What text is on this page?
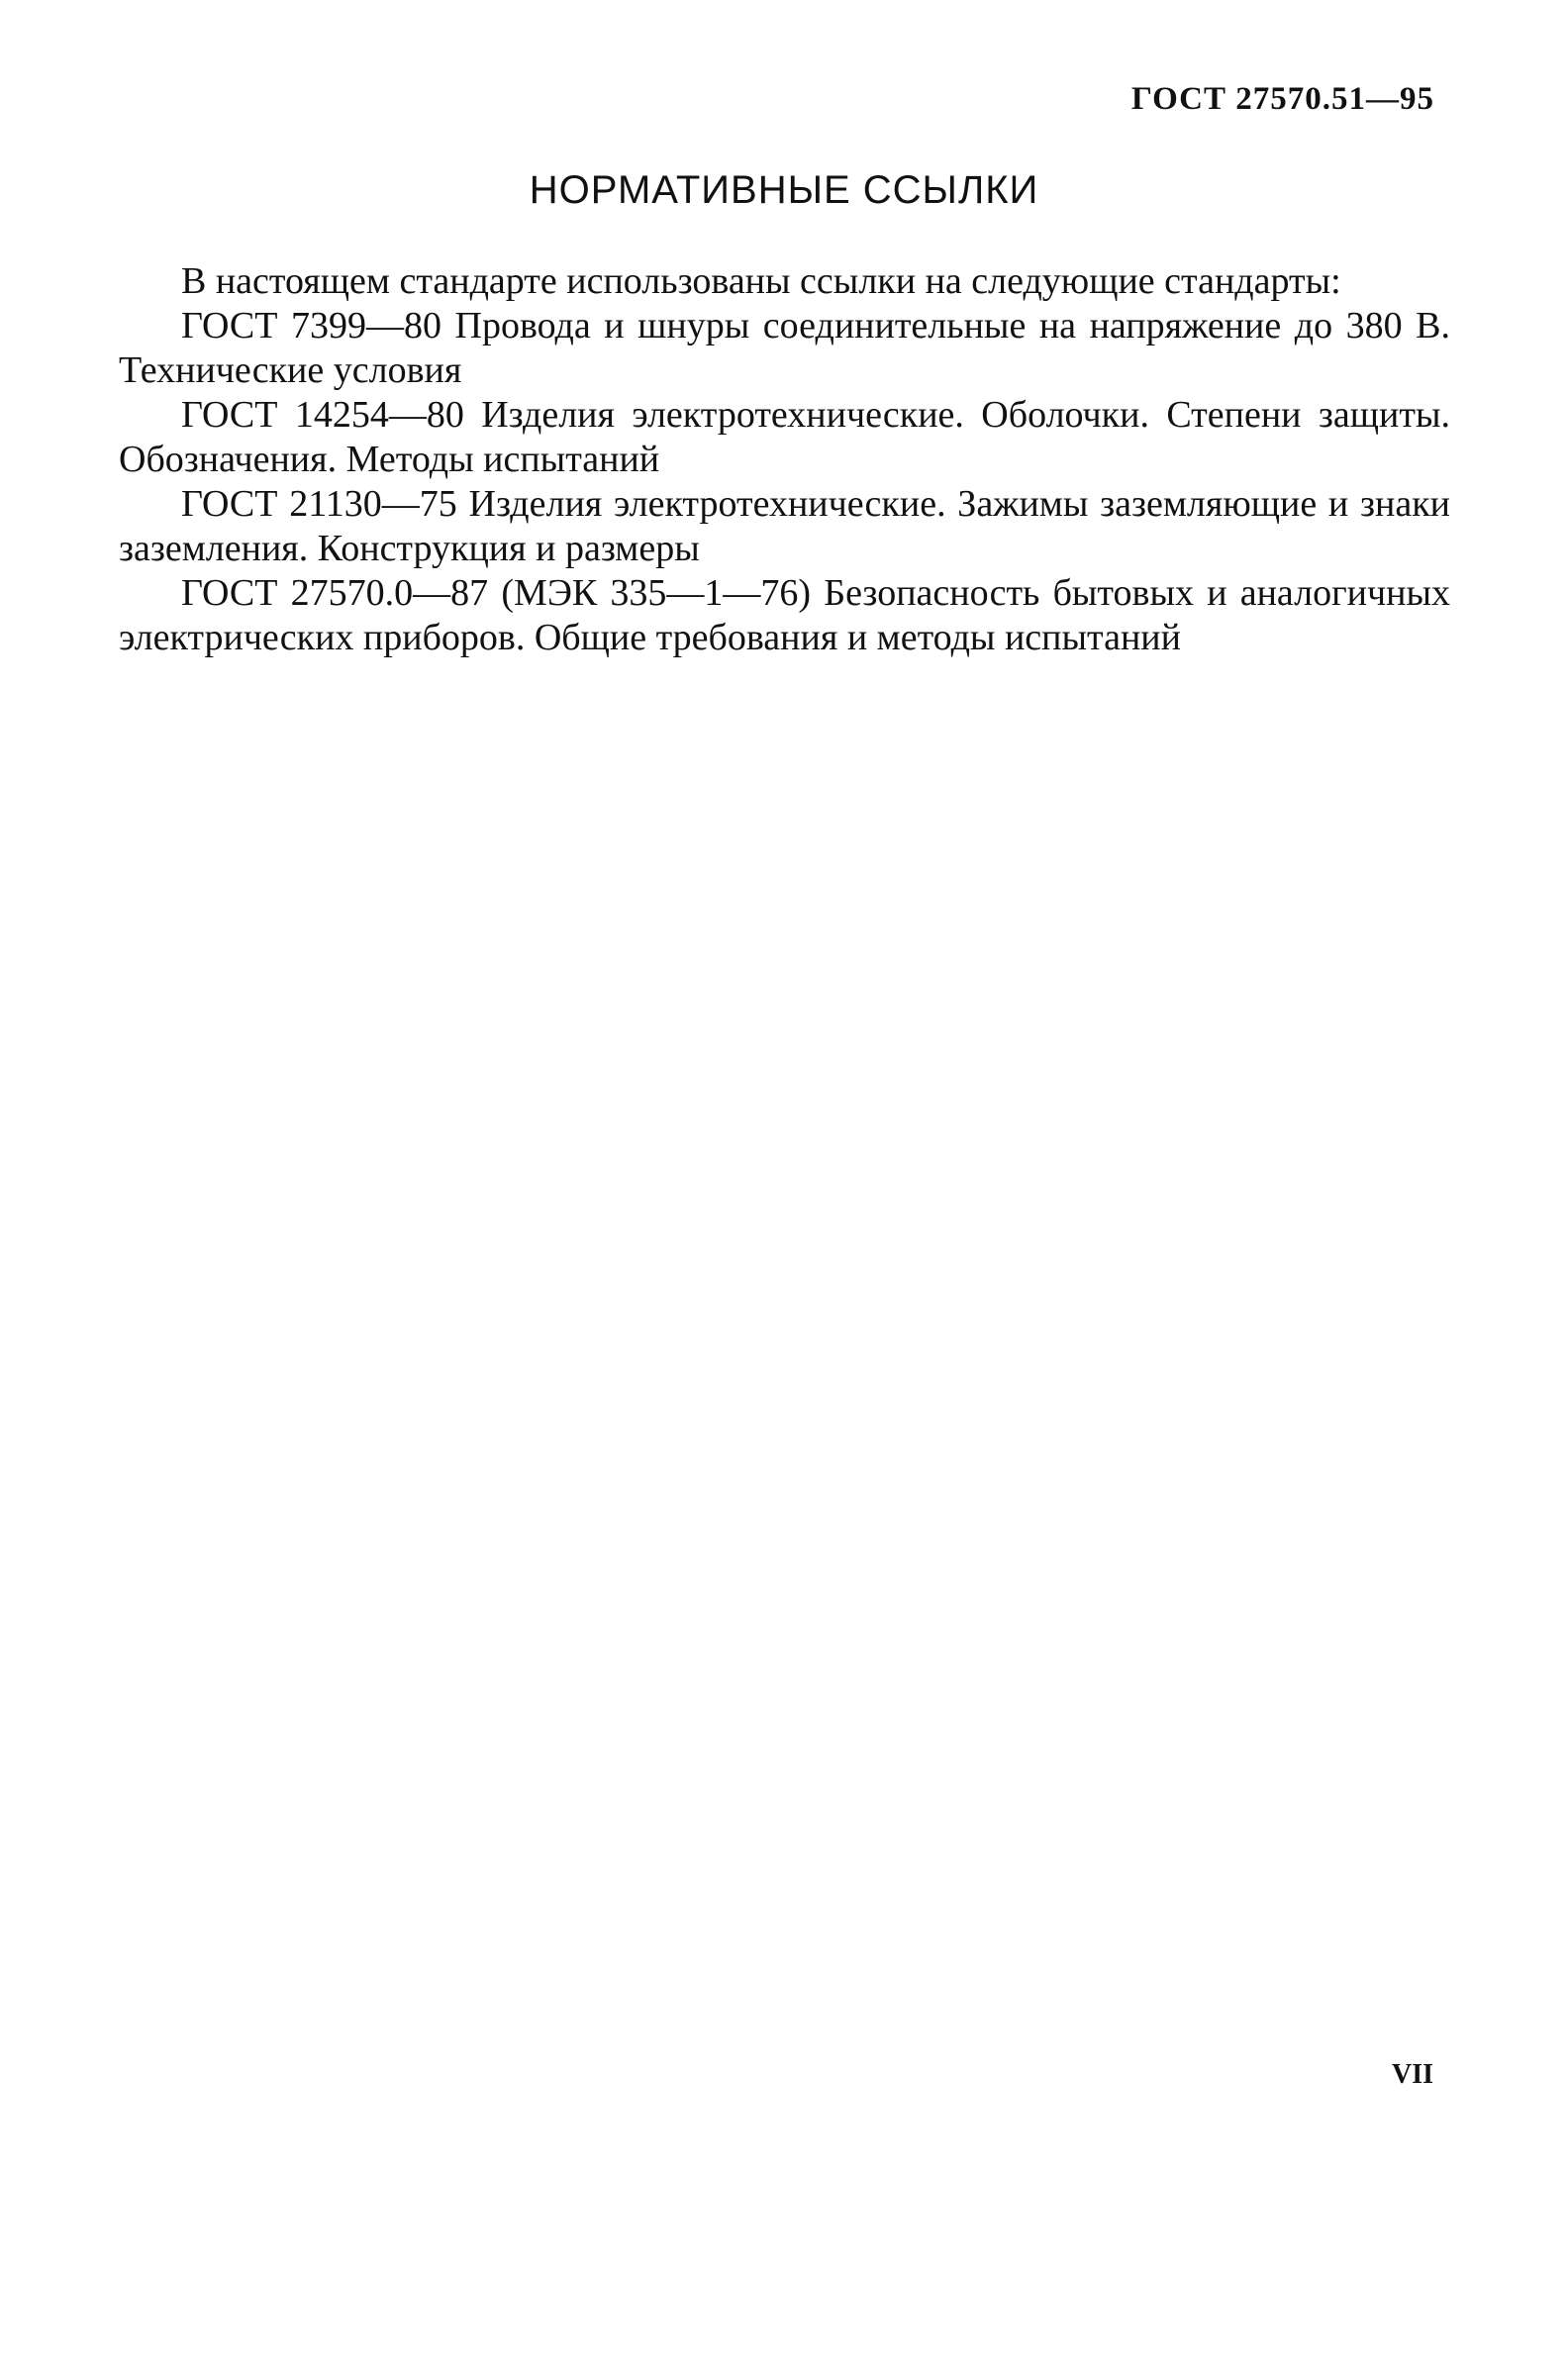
ГОСТ 27570.51—95
НОРМАТИВНЫЕ ССЫЛКИ

В настоящем стандарте использованы ссылки на следующие стандарты:

ГОСТ 7399—80 Провода и шнуры соединительные на напряжение до 380 В. Технические условия

ГОСТ 14254—80 Изделия электротехнические. Оболочки. Степени защиты. Обозначения. Методы испытаний

ГОСТ 21130—75 Изделия электротехнические. Зажимы заземляющие и знаки заземления. Конструкция и размеры

ГОСТ 27570.0—87 (МЭК 335—1—76) Безопасность бытовых и аналогичных электрических приборов. Общие требования и методы испытаний

VII
